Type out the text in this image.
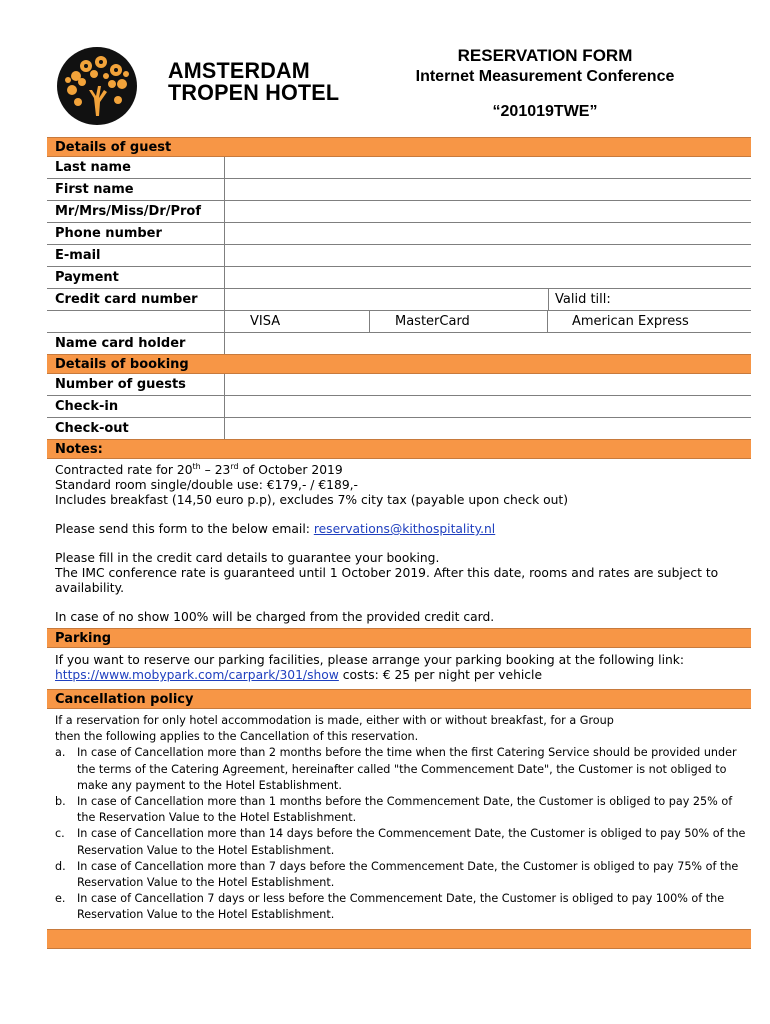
AMSTERDAM
TROPEN HOTEL
RESERVATION FORM
Internet Measurement Conference
“201019TWE”
Details of guest
Last name
First name
Mr/Mrs/Miss/Dr/Prof
Phone number
E-mail
Payment
Credit card number	Valid till:
VISA	MasterCard	American Express
Name card holder
Details of booking
Number of guests
Check-in
Check-out
Notes:
Contracted rate for 20th – 23rd of October 2019
Standard room single/double use: €179,- / €189,-
Includes breakfast (14,50 euro p.p), excludes 7% city tax (payable upon check out)
Please send this form to the below email: reservations@kithospitality.nl
Please fill in the credit card details to guarantee your booking.
The IMC conference rate is guaranteed until 1 October 2019. After this date, rooms and rates are subject to availability.
In case of no show 100% will be charged from the provided credit card.
Parking
If you want to reserve our parking facilities, please arrange your parking booking at the following link:
https://www.mobypark.com/carpark/301/show costs: € 25 per night per vehicle
Cancellation policy
If a reservation for only hotel accommodation is made, either with or without breakfast, for a Group
then the following applies to the Cancellation of this reservation.
a. In case of Cancellation more than 2 months before the time when the first Catering Service should be provided under the terms of the Catering Agreement, hereinafter called "the Commencement Date", the Customer is not obliged to make any payment to the Hotel Establishment.
b. In case of Cancellation more than 1 months before the Commencement Date, the Customer is obliged to pay 25% of the Reservation Value to the Hotel Establishment.
c. In case of Cancellation more than 14 days before the Commencement Date, the Customer is obliged to pay 50% of the Reservation Value to the Hotel Establishment.
d. In case of Cancellation more than 7 days before the Commencement Date, the Customer is obliged to pay 75% of the Reservation Value to the Hotel Establishment.
e. In case of Cancellation 7 days or less before the Commencement Date, the Customer is obliged to pay 100% of the Reservation Value to the Hotel Establishment.
